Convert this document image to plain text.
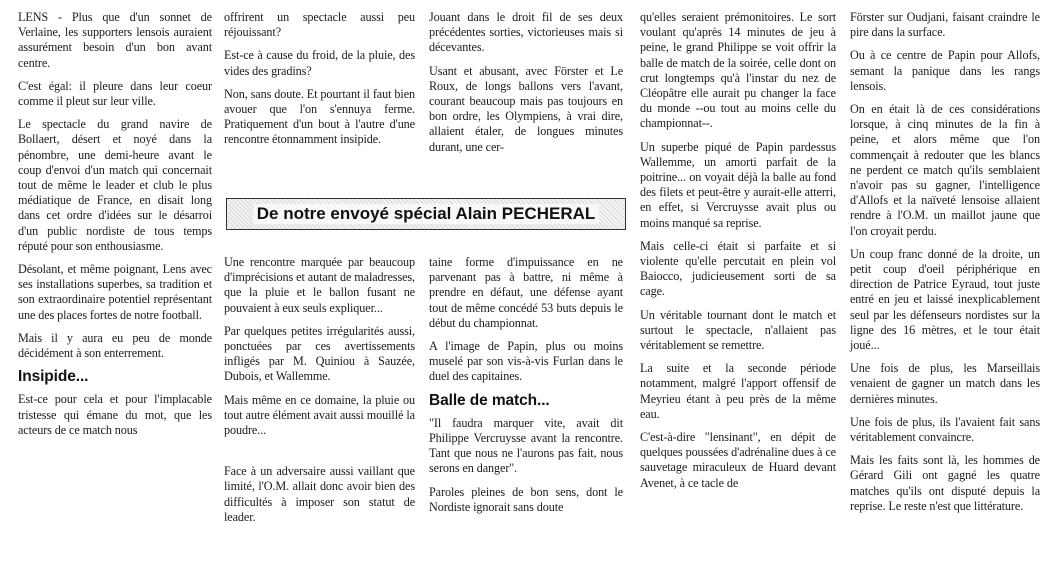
LENS - Plus que d'un sonnet de Verlaine, les supporters lensois auraient assurément besoin d'un bon avant centre.

C'est égal: il pleure dans leur coeur comme il pleut sur leur ville.

Le spectacle du grand navire de Bollaert, désert et noyé dans la pénombre, une demi-heure avant le coup d'envoi d'un match qui concernait tout de même le leader et club le plus médiatique de France, en disait long dans cet ordre d'idées sur le désarroi d'un public nordiste de tous temps réputé pour son enthousiasme.

Désolant, et même poignant, Lens avec ses installations superbes, sa tradition et son extraordinaire potentiel représentant une des places fortes de notre football.

Mais il y aura eu peu de monde décidément à son enterrement.

Insipide...

Est-ce pour cela et pour l'implacable tristesse qui émane du mot, que les acteurs de ce match nous

offrirent un spectacle aussi peu réjouissant?

Est-ce à cause du froid, de la pluie, des vides des gradins?

Non, sans doute. Et pourtant il faut bien avouer que l'on s'ennuya ferme. Pratiquement d'un bout à l'autre d'une rencontre étonnamment insipide.

Jouant dans le droit fil de ses deux précédentes sorties, victorieuses mais si décevantes.

Usant et abusant, avec Förster et Le Roux, de longs ballons vers l'avant, courant beaucoup mais pas toujours en bon ordre, les Olympiens, à vrai dire, allaient étaler, de longues minutes durant, une cer-

De notre envoyé spécial Alain PECHERAL

Une rencontre marquée par beaucoup d'imprécisions et autant de maladresses, que la pluie et le ballon fusant ne pouvaient à eux seuls expliquer...

Par quelques petites irrégularités aussi, ponctuées par ces avertissements infligés par M. Quiniou à Sauzée, Dubois, et Wallemme.

Mais même en ce domaine, la pluie ou tout autre élément avait aussi mouillé la poudre...

Face à un adversaire aussi vaillant que limité, l'O.M. allait donc avoir bien des difficultés à imposer son statut de leader.

taine forme d'impuissance en ne parvenant pas à battre, ni même à prendre en défaut, une défense ayant tout de même concédé 53 buts depuis le début du championnat.

A l'image de Papin, plus ou moins muselé par son vis-à-vis Furlan dans le duel des capitaines.

Balle de match...

"Il faudra marquer vite, avait dit Philippe Vercruysse avant la rencontre. Tant que nous ne l'aurons pas fait, nous serons en danger".

Paroles pleines de bon sens, dont le Nordiste ignorait sans doute

qu'elles seraient prémonitoires. Le sort voulant qu'après 14 minutes de jeu à peine, le grand Philippe se voit offrir la balle de match de la soirée, celle dont on crut longtemps qu'à l'instar du nez de Cléopâtre elle aurait pu changer la face du monde --ou tout au moins celle du championnat--.

Un superbe piqué de Papin pardessus Wallemme, un amorti parfait de la poitrine... on voyait déjà la balle au fond des filets et peut-être y aurait-elle atterri, en effet, si Vercruysse avait plus ou moins manqué sa reprise.

Mais celle-ci était si parfaite et si violente qu'elle percutait en plein vol Baiocco, judicieusement sorti de sa cage.

Un véritable tournant dont le match et surtout le spectacle, n'allaient pas véritablement se remettre.

La suite et la seconde période notamment, malgré l'apport offensif de Meyrieu étant à peu près de la même eau.

C'est-à-dire "lensinant", en dépit de quelques poussées d'adrénaline dues à ce sauvetage miraculeux de Huard devant Avenet, à ce tacle de

Förster sur Oudjani, faisant craindre le pire dans la surface.

Ou à ce centre de Papin pour Allofs, semant la panique dans les rangs lensois.

On en était là de ces considérations lorsque, à cinq minutes de la fin à peine, et alors même que l'on commençait à redouter que les blancs ne perdent ce match qu'ils semblaient n'avoir pas su gagner, l'intelligence d'Allofs et la naïveté lensoise allaient rendre à l'O.M. un maillot jaune que l'on croyait perdu.

Un coup franc donné de la droite, un petit coup d'oeil périphérique en direction de Patrice Eyraud, tout juste entré en jeu et laissé inexplicablement seul par les défenseurs nordistes sur la ligne des 16 mètres, et le tour était joué...

Une fois de plus, les Marseillais venaient de gagner un match dans les dernières minutes.

Une fois de plus, ils l'avaient fait sans véritablement convaincre.

Mais les faits sont là, les hommes de Gérard Gili ont gagné les quatre matches qu'ils ont disputé depuis la reprise. Le reste n'est que littérature.
